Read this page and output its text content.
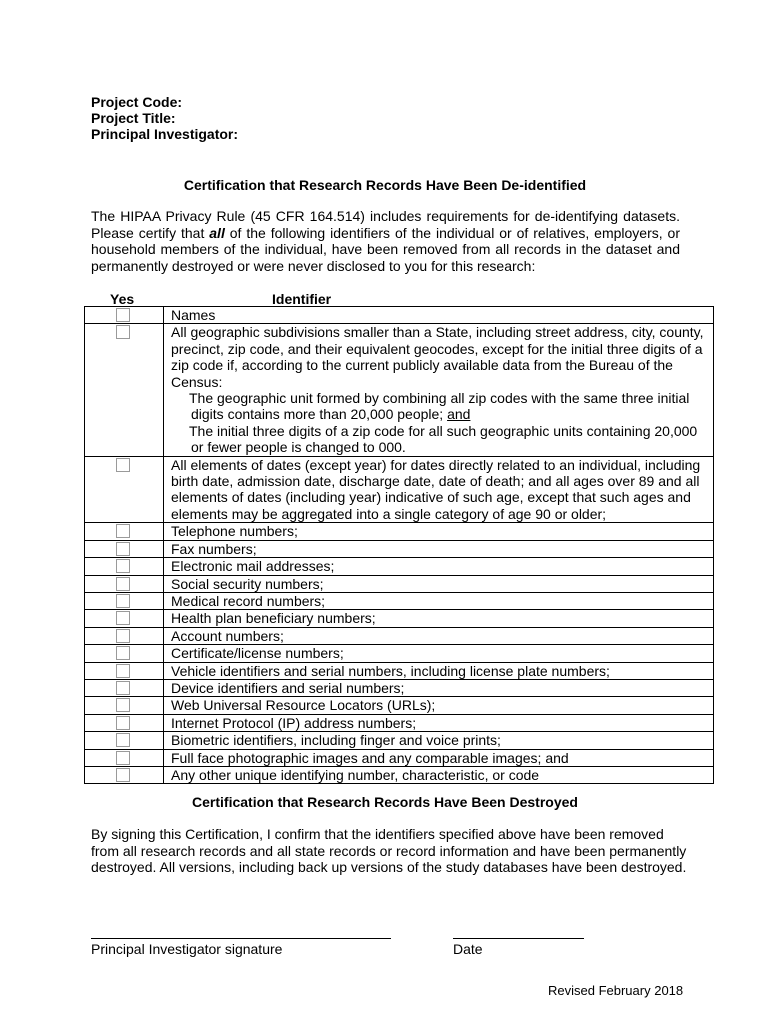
Project Code:
Project Title:
Principal Investigator:
Certification that Research Records Have Been De-identified
The HIPAA Privacy Rule (45 CFR 164.514) includes requirements for de-identifying datasets. Please certify that all of the following identifiers of the individual or of relatives, employers, or household members of the individual, have been removed from all records in the dataset and permanently destroyed or were never disclosed to you for this research:
Yes	Identifier
	Names

	All geographic subdivisions smaller than a State, including street address, city, county, precinct, zip code, and their equivalent geocodes, except for the initial three digits of a zip code if, according to the current publicly available data from the Bureau of the Census:
The geographic unit formed by combining all zip codes with the same three initial
digits contains more than 20,000 people; and
The initial three digits of a zip code for all such geographic units containing 20,000
or fewer people is changed to 000.

	All elements of dates (except year) for dates directly related to an individual, including birth date, admission date, discharge date, date of death; and all ages over 89 and all elements of dates (including year) indicative of such age, except that such ages and elements may be aggregated into a single category of age 90 or older;

	Telephone numbers;

	Fax numbers;

	Electronic mail addresses;

	Social security numbers;

	Medical record numbers;

	Health plan beneficiary numbers;

	Account numbers;

	Certificate/license numbers;

	Vehicle identifiers and serial numbers, including license plate numbers;

	Device identifiers and serial numbers;

	Web Universal Resource Locators (URLs);

	Internet Protocol (IP) address numbers;

	Biometric identifiers, including finger and voice prints;

	Full face photographic images and any comparable images; and

	Any other unique identifying number, characteristic, or code
Certification that Research Records Have Been Destroyed
By signing this Certification, I confirm that the identifiers specified above have been removed from all research records and all state records or record information and have been permanently destroyed. All versions, including back up versions of the study databases have been destroyed.
Principal Investigator signature	Date
Revised February 2018
